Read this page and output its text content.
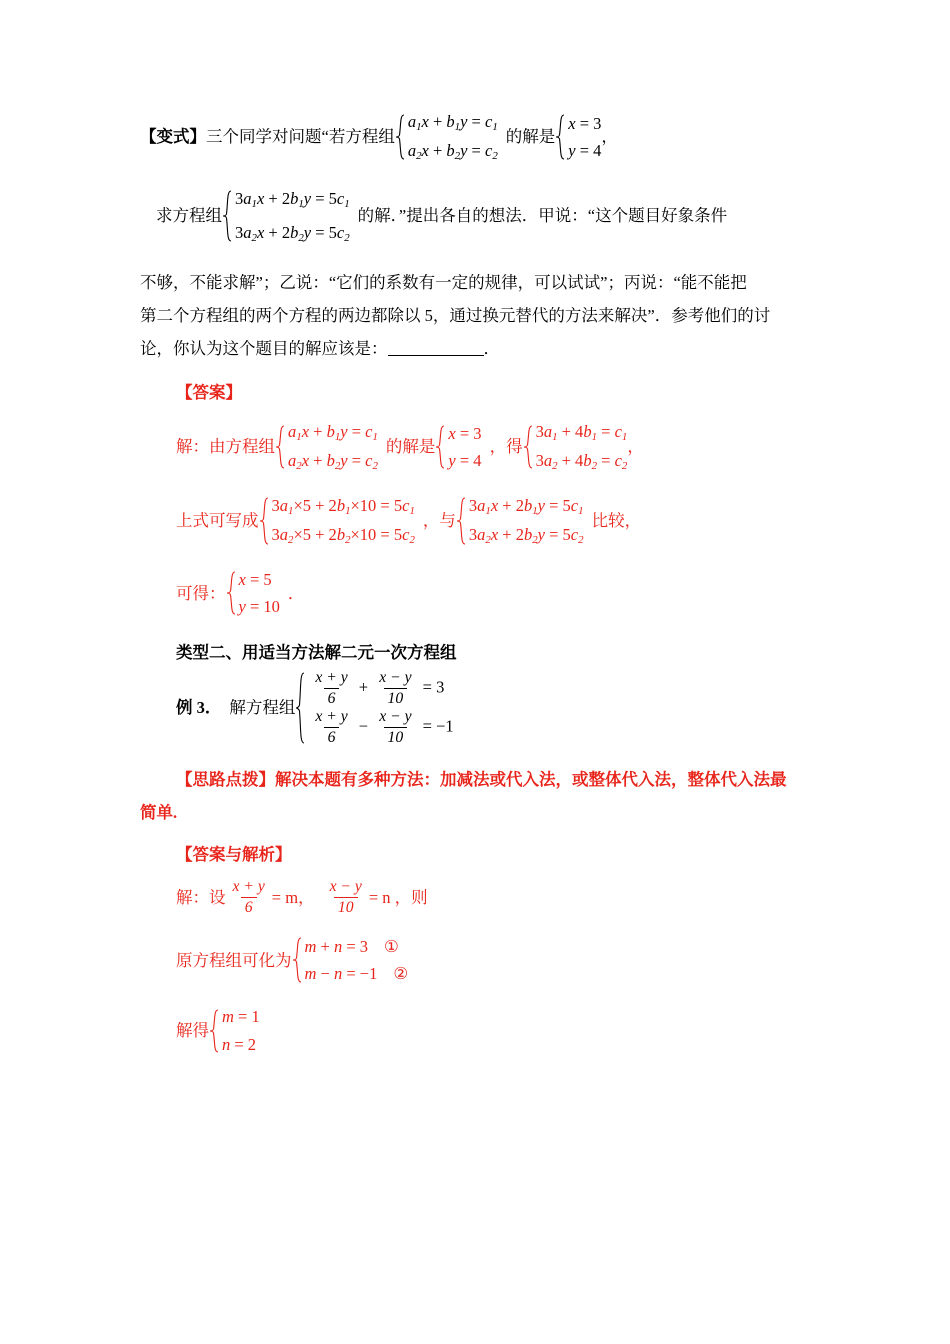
【变式】 三个同学对问题“若方程组
$a_1x + b_1y = c_1$
$a_2x + b_2y = c_2$
的解是
x = 3
y = 4
，
求方程组
$3a_1x + 2b_1y = 5c_1$
$3a_2x + 2b_2y = 5c_2$
的解．”提出各自的想法．甲说：“这个题目好象条件
不够，不能求解”；乙说：“它们的系数有一定的规律，可以试试”；丙说：“能不能把
第二个方程组的两个方程的两边都除以 5，通过换元替代的方法来解决”．参考他们的讨
论，你认为这个题目的解应该是：	．
【答案】
解：由方程组
$a_1x + b_1y = c_1$
$a_2x + b_2y = c_2$
的解是
x = 3
y = 4
，得
$3a_1 + 4b_1 = c_1$
$3a_2 + 4b_2 = c_2$
，
上式可写成
$3a_1\times 5 + 2b_1\times 10 = 5c_1$
$3a_2\times 5 + 2b_2\times 10 = 5c_2$
，与
$3a_1x + 2b_1y = 5c_1$
$3a_2x + 2b_2y = 5c_2$
比较，
可得：
x = 5
y = 10
．
类型二、用适当方法解二元一次方程组
例 3． 解方程组 $\frac{x + y}{6} + \frac{x - y}{10} = 3$
$\frac{x + y}{6} - \frac{x - y}{10} = -1$
【思路点拨】解决本题有多种方法：加减法或代入法，或整体代入法，整体代入法最
简单.
【答案与解析】
解：设 $\frac{x + y}{6} = m$， $\frac{x - y}{10} = n$ ，则
原方程组可化为
m + n = 3 ①
m − n = −1 ②
解得
m = 1
n = 2
